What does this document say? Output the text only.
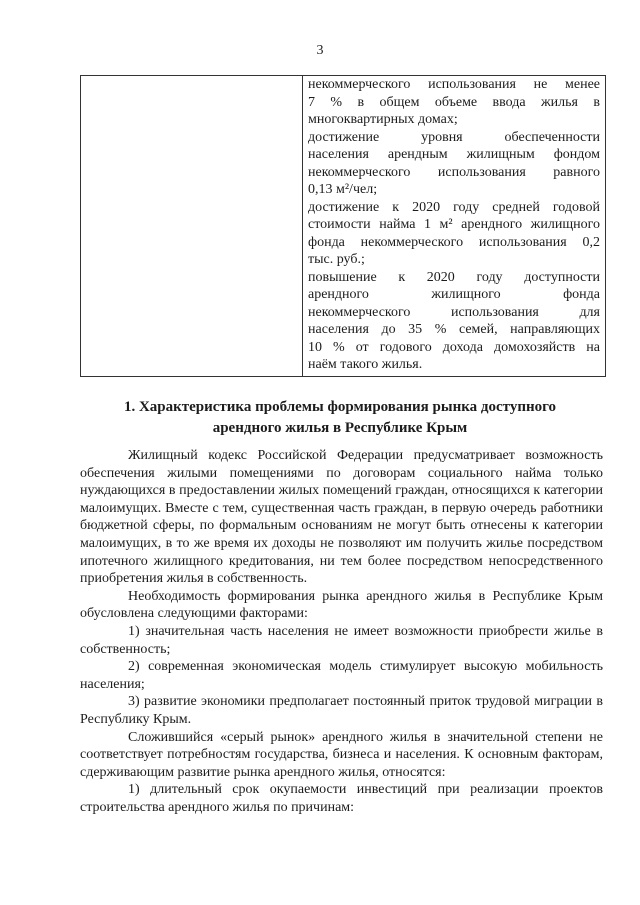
3

некоммерческого использования не менее
7 % в общем объеме ввода жилья в
многоквартирных домах;
достижение уровня обеспеченности
населения арендным жилищным фондом
некоммерческого использования равного
0,13 м²/чел;
достижение к 2020 году средней годовой
стоимости найма 1 м² арендного жилищного
фонда некоммерческого использования 0,2
тыс. руб.;
повышение к 2020 году доступности
арендного жилищного фонда
некоммерческого использования для
населения до 35 % семей, направляющих
10 % от годового дохода домохозяйств на
наём такого жилья.
1. Характеристика проблемы формирования рынка доступного
арендного жилья в Республике Крым

Жилищный кодекс Российской Федерации предусматривает возможность обеспечения жилыми помещениями по договорам социального найма только нуждающихся в предоставлении жилых помещений граждан, относящихся к категории малоимущих. Вместе с тем, существенная часть граждан, в первую очередь работники бюджетной сферы, по формальным основаниям не могут быть отнесены к категории малоимущих, в то же время их доходы не позволяют им получить жилье посредством ипотечного жилищного кредитования, ни тем более посредством непосредственного приобретения жилья в собственность.

Необходимость формирования рынка арендного жилья в Республике Крым обусловлена следующими факторами:

1) значительная часть населения не имеет возможности приобрести жилье в собственность;

2) современная экономическая модель стимулирует высокую мобильность населения;

3) развитие экономики предполагает постоянный приток трудовой миграции в Республику Крым.

Сложившийся «серый рынок» арендного жилья в значительной степени не соответствует потребностям государства, бизнеса и населения. К основным факторам, сдерживающим развитие рынка арендного жилья, относятся:

1) длительный срок окупаемости инвестиций при реализации проектов строительства арендного жилья по причинам:
